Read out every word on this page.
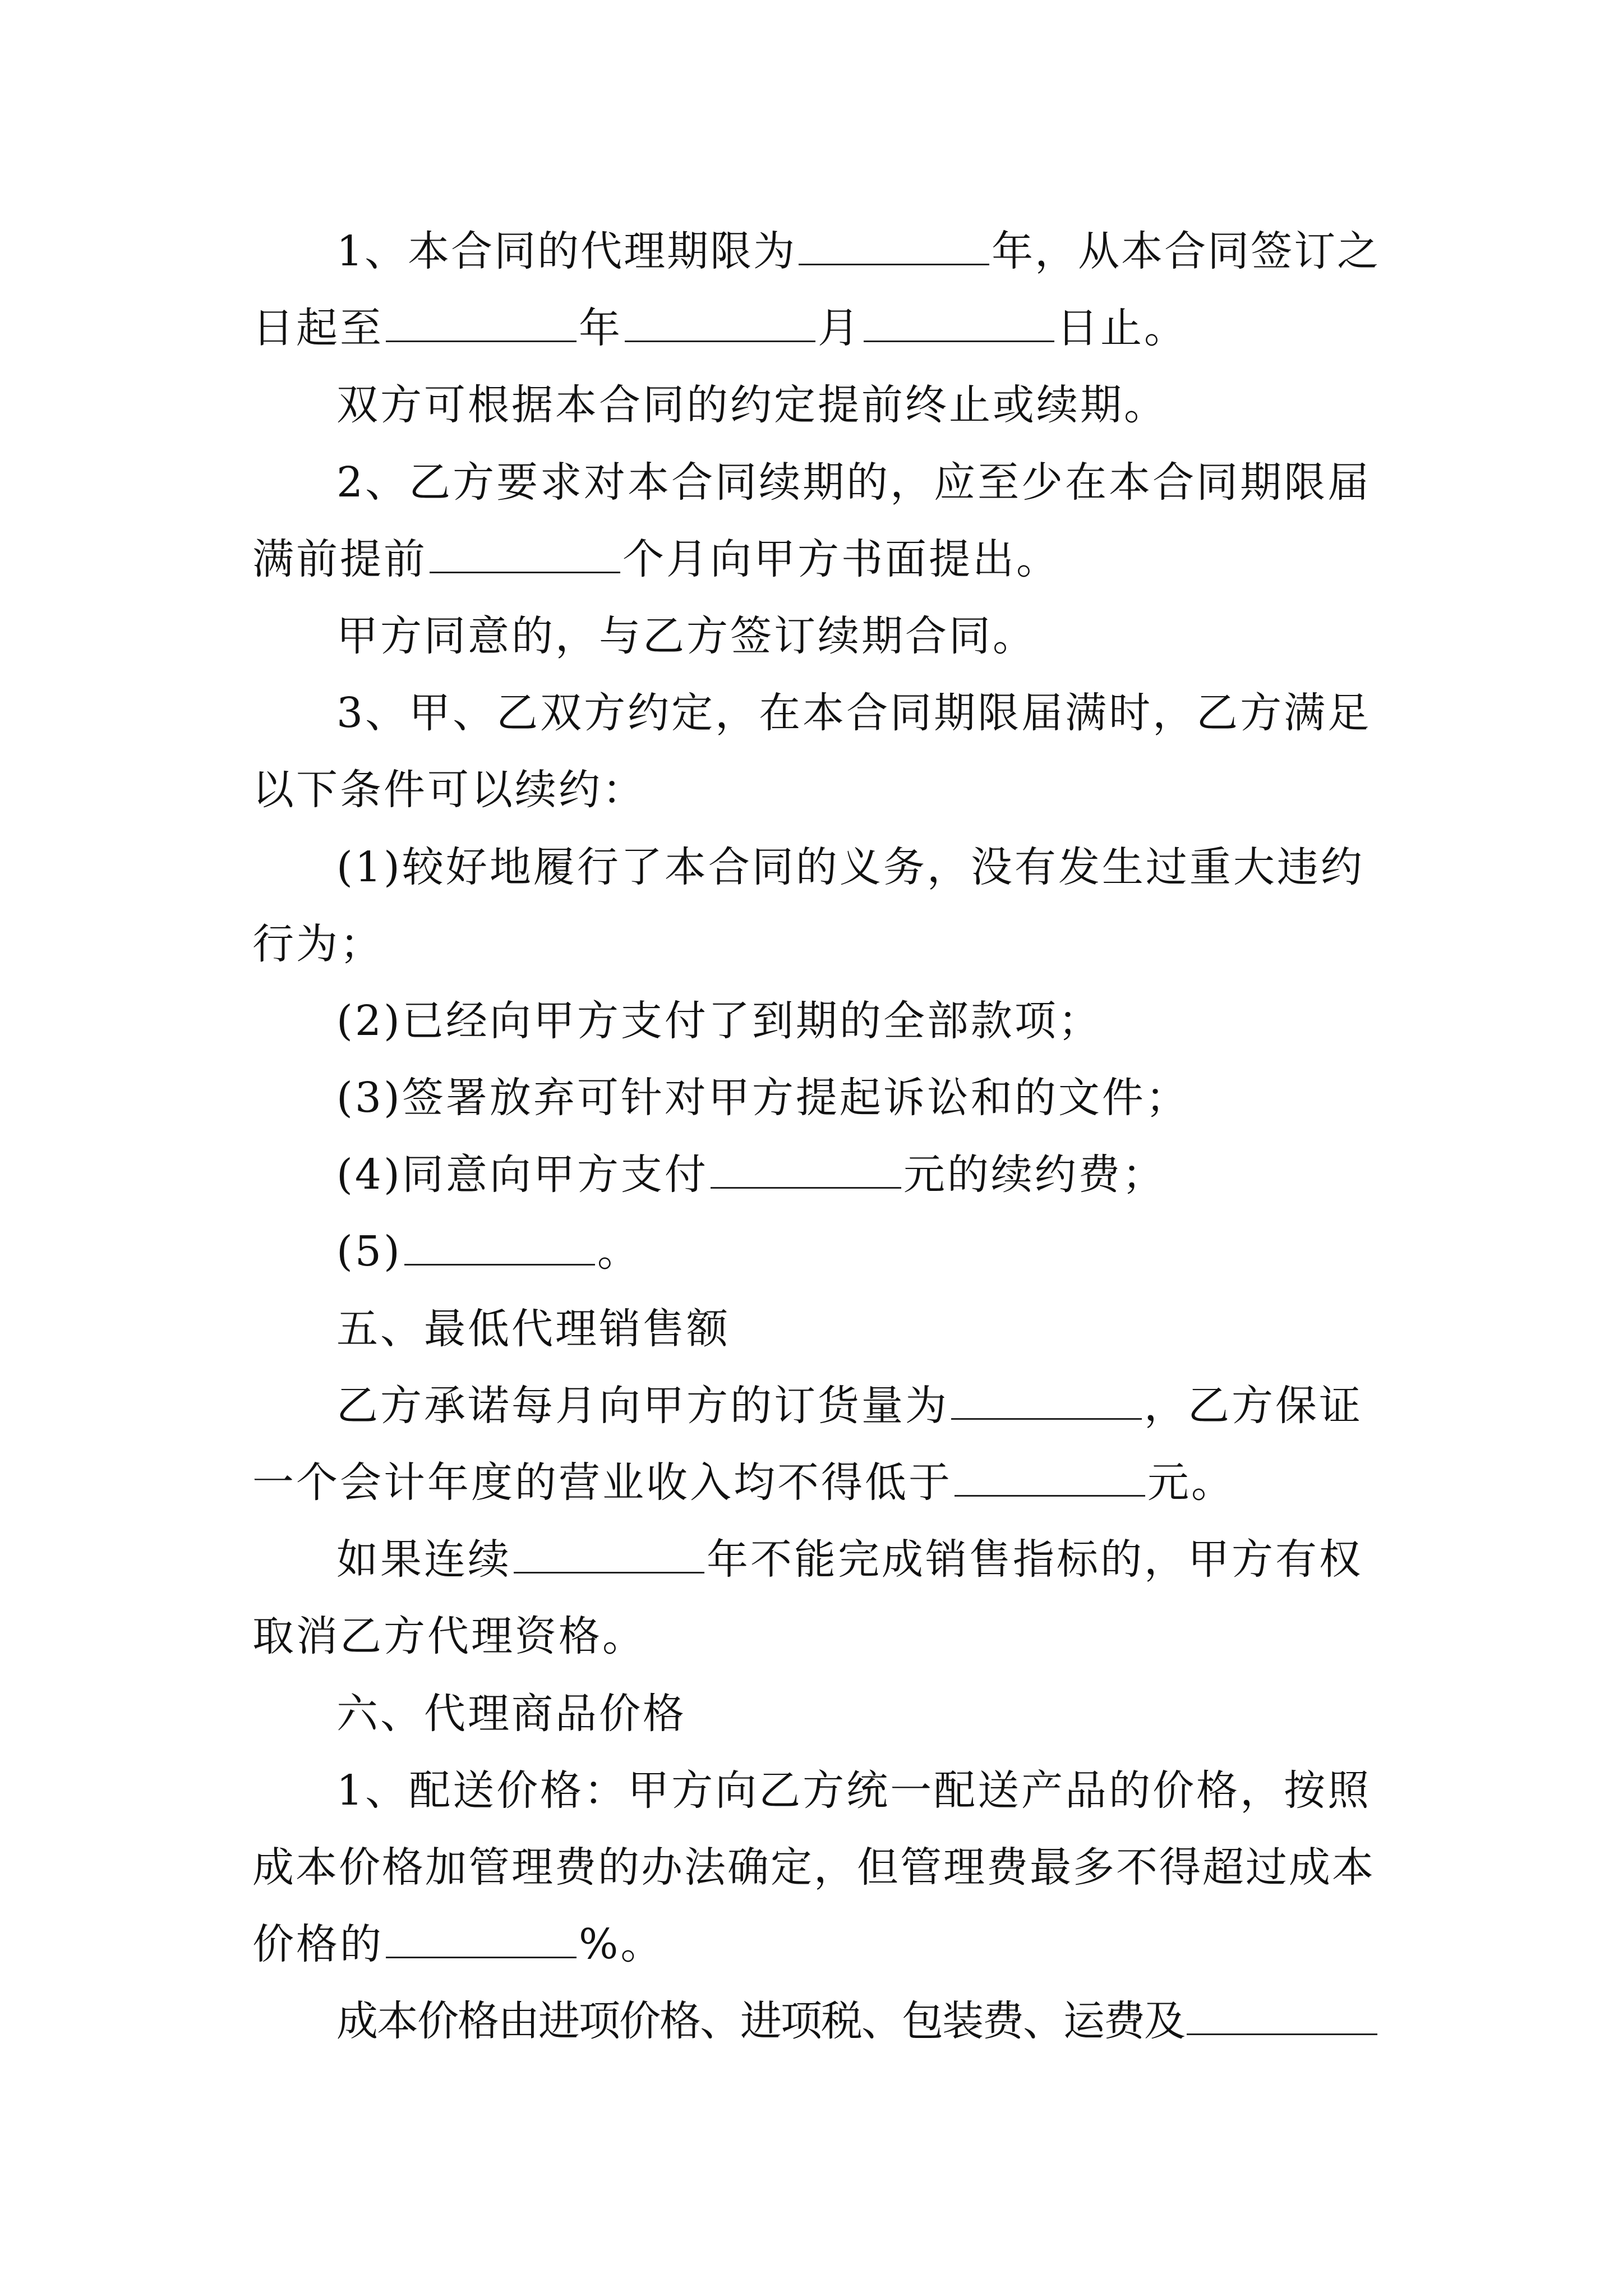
1、本合同的代理期限为	年，从本合同签订之
日起至	年	月	日止。
双方可根据本合同的约定提前终止或续期。
2、乙方要求对本合同续期的，应至少在本合同期限届
满前提前	个月向甲方书面提出。
甲方同意的，与乙方签订续期合同。
3、甲、乙双方约定，在本合同期限届满时，乙方满足
以下条件可以续约：
(1)较好地履行了本合同的义务，没有发生过重大违约
行为；
(2)已经向甲方支付了到期的全部款项；
(3)签署放弃可针对甲方提起诉讼和的文件；
(4)同意向甲方支付	元的续约费；
(5)	。
五、最低代理销售额
乙方承诺每月向甲方的订货量为	，乙方保证
一个会计年度的营业收入均不得低于	元。
如果连续	年不能完成销售指标的，甲方有权
取消乙方代理资格。
六、代理商品价格
1、配送价格：甲方向乙方统一配送产品的价格，按照
成本价格加管理费的办法确定，但管理费最多不得超过成本
价格的	%。
成本价格由进项价格、进项税、包装费、运费及
